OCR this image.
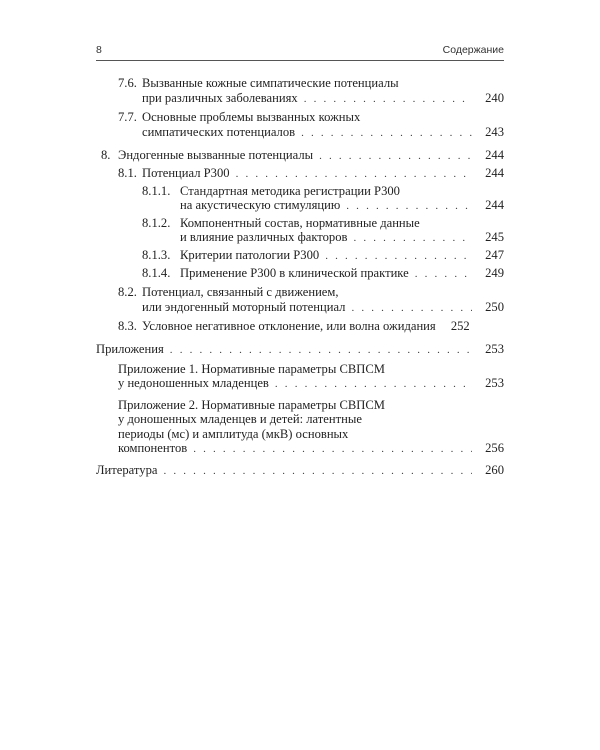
8	Содержание
7.6. Вызванные кожные симпатические потенциалы
при различных заболеваниях . . .	240
7.7. Основные проблемы вызванных кожных
симпатических потенциалов . . .	243
8. Эндогенные вызванные потенциалы . . .	244
8.1. Потенциал P300 . . .	244
8.1.1. Стандартная методика регистрации P300
на акустическую стимуляцию . . .	244
8.1.2. Компонентный состав, нормативные данные
и влияние различных факторов . . .	245
8.1.3. Критерии патологии P300 . . .	247
8.1.4. Применение P300 в клинической практике . . .	249
8.2. Потенциал, связанный с движением,
или эндогенный моторный потенциал . . .	250
8.3. Условное негативное отклонение, или волна ожидания	252
Приложения . . .	253
Приложение 1. Нормативные параметры СВПСМ
у недоношенных младенцев . . .	253
Приложение 2. Нормативные параметры СВПСМ
у доношенных младенцев и детей: латентные
периоды (мс) и амплитуда (мкВ) основных
компонентов . . .	256
Литература . . .	260
